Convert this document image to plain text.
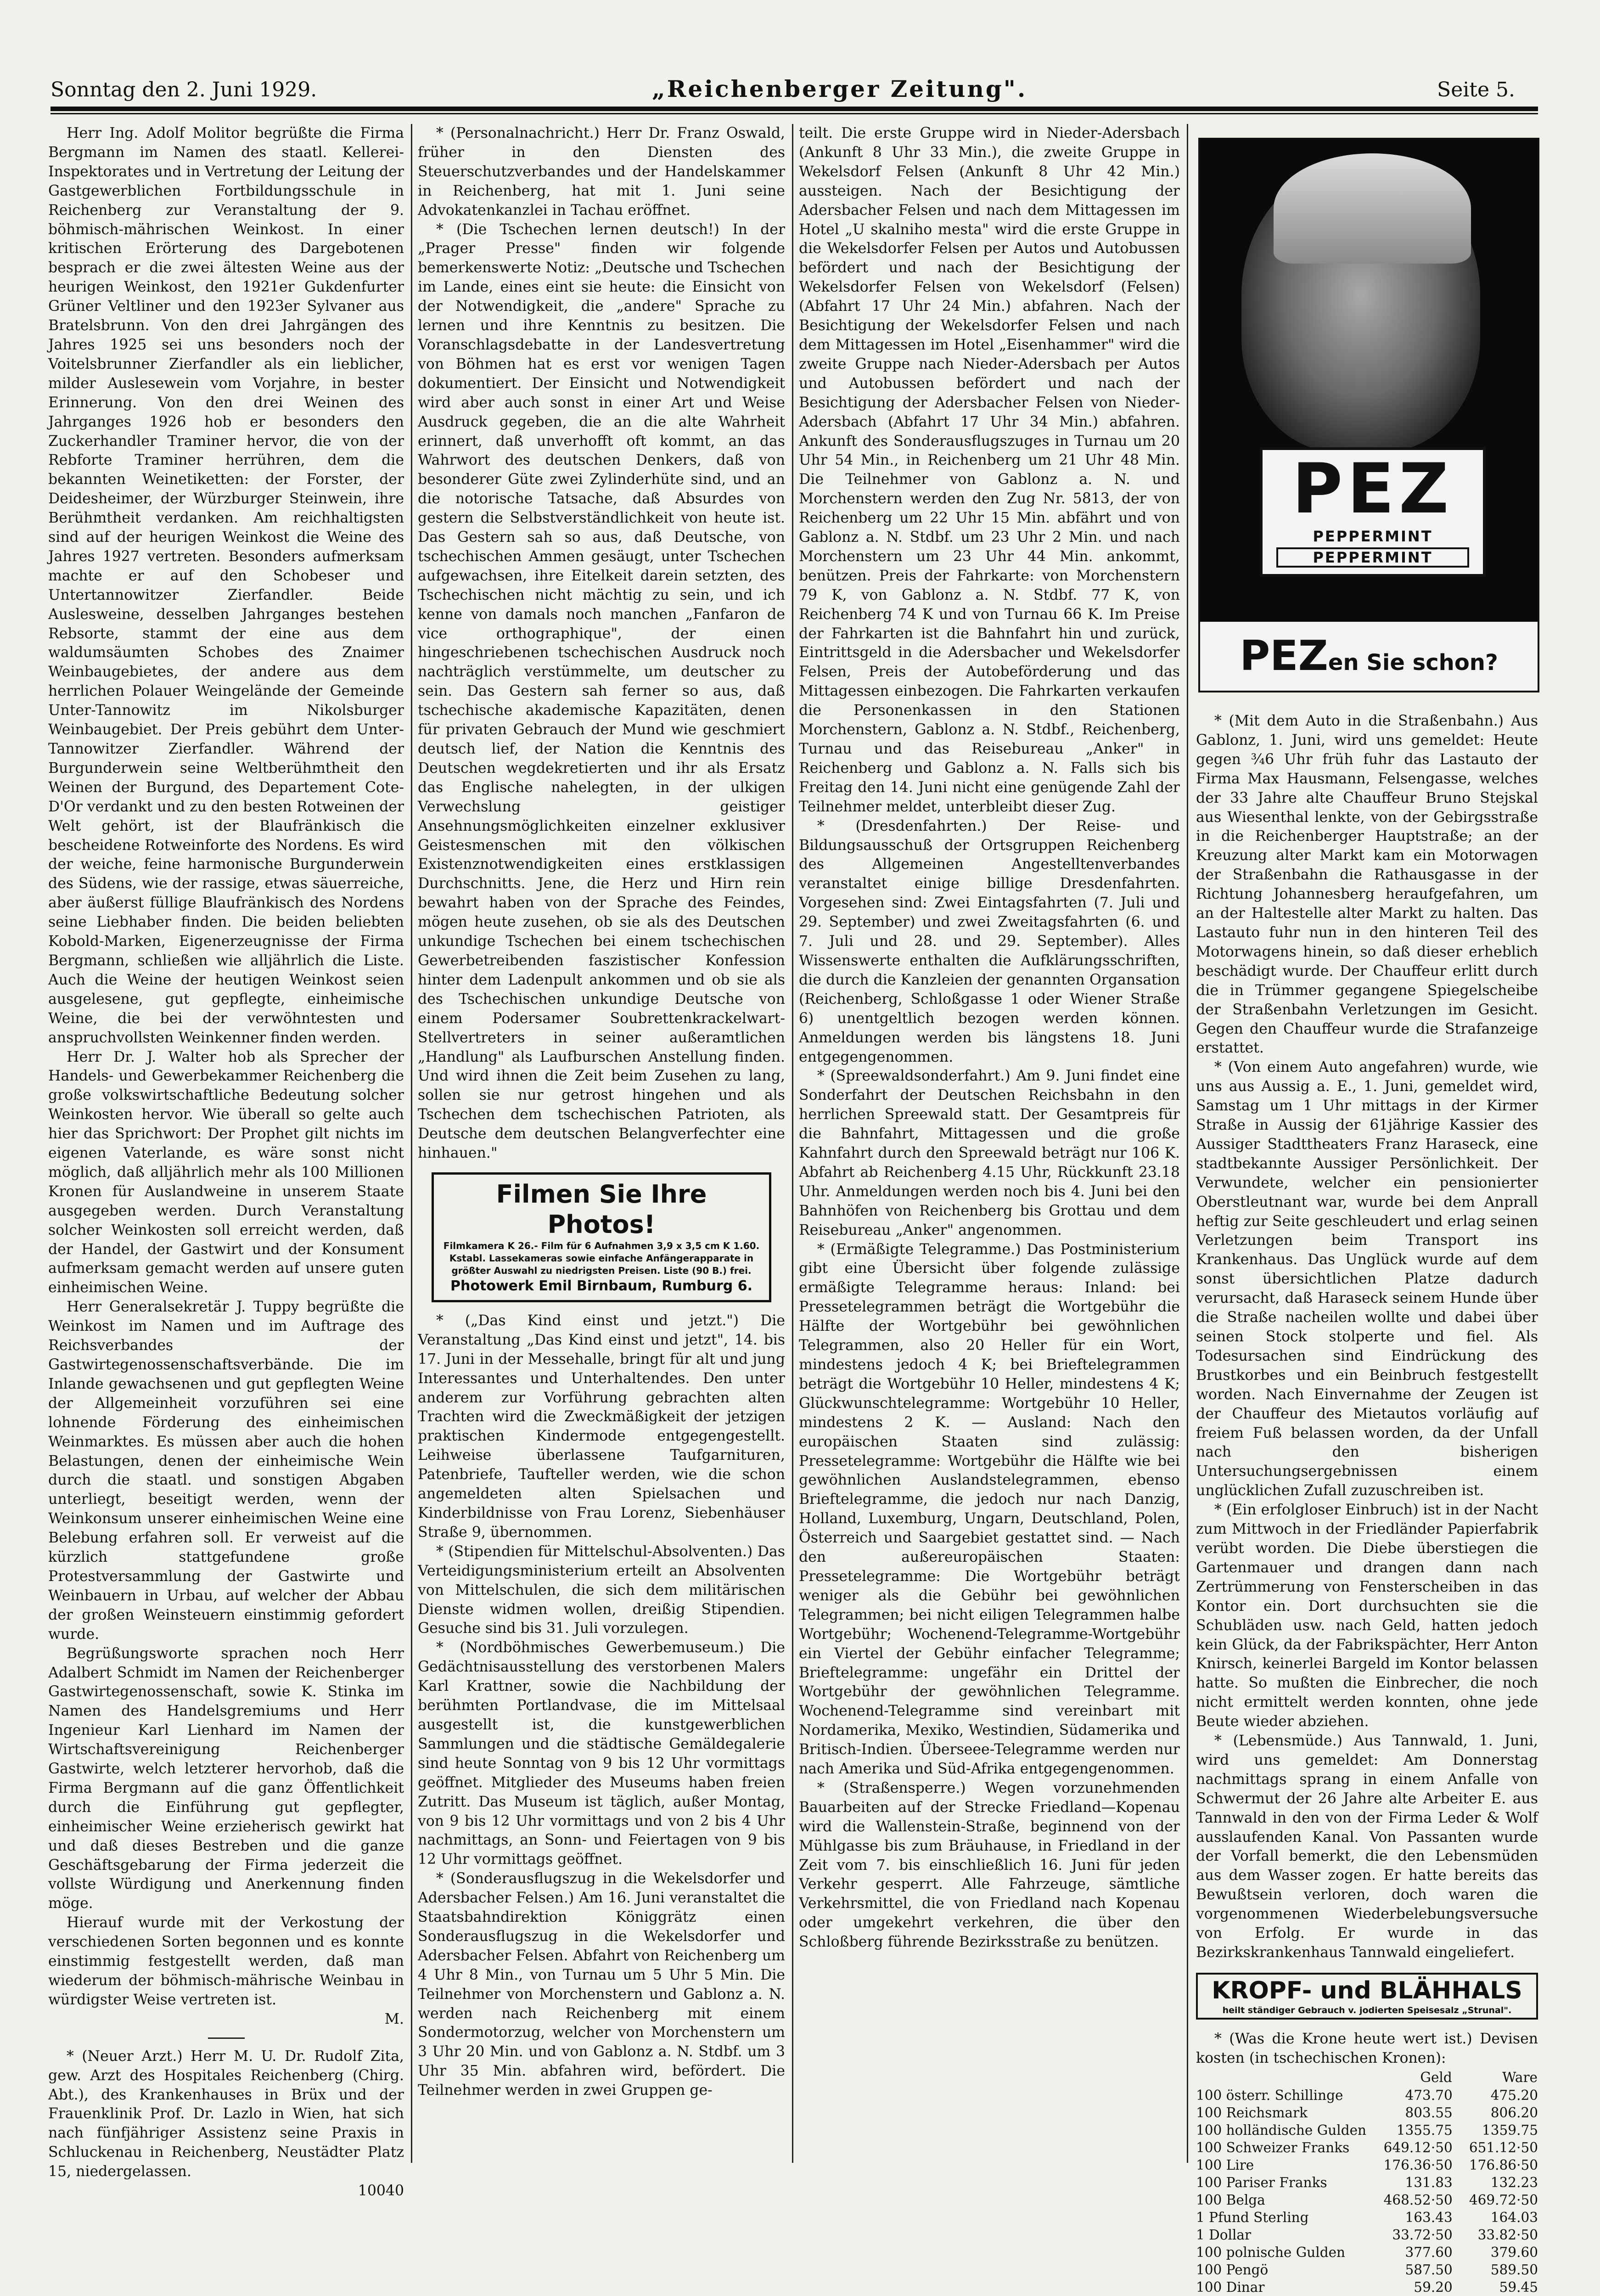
Sonntag den 2. Juni 1929.	„Reichenberger Zeitung".	Seite 5.

Herr Ing. Adolf Molitor begrüßte die Firma Bergmann im Namen des staatl. Kellerei-Inspektorates und in Vertretung der Leitung der Gastgewerblichen Fortbildungsschule in Reichenberg zur Veranstaltung der 9. böhmisch-mährischen Weinkost. In einer kritischen Erörterung des Dargebotenen besprach er die zwei ältesten Weine aus der heurigen Weinkost, den 1921er Gukdenfurter Grüner Veltliner und den 1923er Sylvaner aus Bratelsbrunn. Von den drei Jahrgängen des Jahres 1925 sei uns besonders noch der Voitelsbrunner Zierfandler als ein lieblicher, milder Auslesewein vom Vorjahre, in bester Erinnerung. Von den drei Weinen des Jahrganges 1926 hob er besonders den Zuckerhandler Traminer hervor, die von der Rebforte Traminer herrühren, dem die bekannten Weinetiketten: der Forster, der Deidesheimer, der Würzburger Steinwein, ihre Berühmtheit verdanken. Am reichhaltigsten sind auf der heurigen Weinkost die Weine des Jahres 1927 vertreten. Besonders aufmerksam machte er auf den Schobeser und Untertannowitzer Zierfandler. Beide Auslesweine, desselben Jahrganges bestehen Rebsorte, stammt der eine aus dem waldumsäumten Schobes des Znaimer Weinbaugebietes, der andere aus dem herrlichen Polauer Weingelände der Gemeinde Unter-Tannowitz im Nikolsburger Weinbaugebiet. Der Preis gebührt dem Unter-Tannowitzer Zierfandler. Während der Burgunderwein seine Weltberühmtheit den Weinen der Burgund, des Departement Cote-D'Or verdankt und zu den besten Rotweinen der Welt gehört, ist der Blaufränkisch die bescheidene Rotweinforte des Nordens. Es wird der weiche, feine harmonische Burgunderwein des Südens, wie der rassige, etwas säuerreiche, aber äußerst füllige Blaufränkisch des Nordens seine Liebhaber finden. Die beiden beliebten Kobold-Marken, Eigenerzeugnisse der Firma Bergmann, schließen wie alljährlich die Liste. Auch die Weine der heutigen Weinkost seien ausgelesene, gut gepflegte, einheimische Weine, die bei der verwöhntesten und anspruchvollsten Weinkenner finden werden.

Herr Dr. J. Walter hob als Sprecher der Handels- und Gewerbekammer Reichenberg die große volkswirtschaftliche Bedeutung solcher Weinkosten hervor. Wie überall so gelte auch hier das Sprichwort: Der Prophet gilt nichts im eigenen Vaterlande, es wäre sonst nicht möglich, daß alljährlich mehr als 100 Millionen Kronen für Auslandweine in unserem Staate ausgegeben werden. Durch Veranstaltung solcher Weinkosten soll erreicht werden, daß der Handel, der Gastwirt und der Konsument aufmerksam gemacht werden auf unsere guten einheimischen Weine.

Herr Generalsekretär J. Tuppy begrüßte die Weinkost im Namen und im Auftrage des Reichsverbandes der Gastwirtegenossenschaftsverbände. Die im Inlande gewachsenen und gut gepflegten Weine der Allgemeinheit vorzuführen sei eine lohnende Förderung des einheimischen Weinmarktes. Es müssen aber auch die hohen Belastungen, denen der einheimische Wein durch die staatl. und sonstigen Abgaben unterliegt, beseitigt werden, wenn der Weinkonsum unserer einheimischen Weine eine Belebung erfahren soll. Er verweist auf die kürzlich stattgefundene große Protestversammlung der Gastwirte und Weinbauern in Urbau, auf welcher der Abbau der großen Weinsteuern einstimmig gefordert wurde.

Begrüßungsworte sprachen noch Herr Adalbert Schmidt im Namen der Reichenberger Gastwirtegenossenschaft, sowie K. Stinka im Namen des Handelsgremiums und Herr Ingenieur Karl Lienhard im Namen der Wirtschaftsvereinigung Reichenberger Gastwirte, welch letzterer hervorhob, daß die Firma Bergmann auf die ganz Öffentlichkeit durch die Einführung gut gepflegter, einheimischer Weine erzieherisch gewirkt hat und daß dieses Bestreben und die ganze Geschäftsgebarung der Firma jederzeit die vollste Würdigung und Anerkennung finden möge.

Hierauf wurde mit der Verkostung der verschiedenen Sorten begonnen und es konnte einstimmig festgestellt werden, daß man wiederum der böhmisch-mährische Weinbau in würdigster Weise vertreten ist.

M.

* (Neuer Arzt.) Herr M. U. Dr. Rudolf Zita, gew. Arzt des Hospitales Reichenberg (Chirg. Abt.), des Krankenhauses in Brüx und der Frauenklinik Prof. Dr. Lazlo in Wien, hat sich nach fünfjähriger Assistenz seine Praxis in Schluckenau in Reichenberg, Neustädter Platz 15, niedergelassen.

10040

* (Personalnachricht.) Herr Dr. Franz Oswald, früher in den Diensten des Steuerschutzverbandes und der Handelskammer in Reichenberg, hat mit 1. Juni seine Advokatenkanzlei in Tachau eröffnet.

* (Die Tschechen lernen deutsch!) In der „Prager Presse" finden wir folgende bemerkenswerte Notiz: „Deutsche und Tschechen im Lande, eines eint sie heute: die Einsicht von der Notwendigkeit, die „andere" Sprache zu lernen und ihre Kenntnis zu besitzen. Die Voranschlagsdebatte in der Landesvertretung von Böhmen hat es erst vor wenigen Tagen dokumentiert. Der Einsicht und Notwendigkeit wird aber auch sonst in einer Art und Weise Ausdruck gegeben, die an die alte Wahrheit erinnert, daß unverhofft oft kommt, an das Wahrwort des deutschen Denkers, daß von besonderer Güte zwei Zylinderhüte sind, und an die notorische Tatsache, daß Absurdes von gestern die Selbstverständlichkeit von heute ist. Das Gestern sah so aus, daß Deutsche, von tschechischen Ammen gesäugt, unter Tschechen aufgewachsen, ihre Eitelkeit darein setzten, des Tschechischen nicht mächtig zu sein, und ich kenne von damals noch manchen „Fanfaron de vice orthographique", der einen hingeschriebenen tschechischen Ausdruck noch nachträglich verstümmelte, um deutscher zu sein. Das Gestern sah ferner so aus, daß tschechische akademische Kapazitäten, denen für privaten Gebrauch der Mund wie geschmiert deutsch lief, der Nation die Kenntnis des Deutschen wegdekretierten und ihr als Ersatz das Englische nahelegten, in der ulkigen Verwechslung geistiger Ansehnungsmöglichkeiten einzelner exklusiver Geistesmenschen mit den völkischen Existenznotwendigkeiten eines erstklassigen Durchschnitts. Jene, die Herz und Hirn rein bewahrt haben von der Sprache des Feindes, mögen heute zusehen, ob sie als des Deutschen unkundige Tschechen bei einem tschechischen Gewerbetreibenden faszistischer Konfession hinter dem Ladenpult ankommen und ob sie als des Tschechischen unkundige Deutsche von einem Podersamer Soubrettenkrackelwart-Stellvertreters in seiner außeramtlichen „Handlung" als Laufburschen Anstellung finden. Und wird ihnen die Zeit beim Zusehen zu lang, sollen sie nur getrost hingehen und als Tschechen dem tschechischen Patrioten, als Deutsche dem deutschen Belangverfechter eine hinhauen."

Filmen Sie Ihre Photos!
Filmkamera K 26.- Film für 6 Aufnahmen 3,9 x 3,5 cm K 1.60. Kstabl. Lassekameras sowie einfache Anfängerapparate in größter Auswahl zu niedrigsten Preisen. Liste (90 B.) frei.
Photowerk Emil Birnbaum, Rumburg 6.

* („Das Kind einst und jetzt.") Die Veranstaltung „Das Kind einst und jetzt", 14. bis 17. Juni in der Messehalle, bringt für alt und jung Interessantes und Unterhaltendes. Den unter anderem zur Vorführung gebrachten alten Trachten wird die Zweckmäßigkeit der jetzigen praktischen Kindermode entgegengestellt. Leihweise überlassene Taufgarnituren, Patenbriefe, Taufteller werden, wie die schon angemeldeten alten Spielsachen und Kinderbildnisse von Frau Lorenz, Siebenhäuser Straße 9, übernommen.

* (Stipendien für Mittelschul-Absolventen.) Das Verteidigungsministerium erteilt an Absolventen von Mittelschulen, die sich dem militärischen Dienste widmen wollen, dreißig Stipendien. Gesuche sind bis 31. Juli vorzulegen.

* (Nordböhmisches Gewerbemuseum.) Die Gedächtnisausstellung des verstorbenen Malers Karl Krattner, sowie die Nachbildung der berühmten Portlandvase, die im Mittelsaal ausgestellt ist, die kunstgewerblichen Sammlungen und die städtische Gemäldegalerie sind heute Sonntag von 9 bis 12 Uhr vormittags geöffnet. Mitglieder des Museums haben freien Zutritt. Das Museum ist täglich, außer Montag, von 9 bis 12 Uhr vormittags und von 2 bis 4 Uhr nachmittags, an Sonn- und Feiertagen von 9 bis 12 Uhr vormittags geöffnet.

* (Sonderausflugszug in die Wekelsdorfer und Adersbacher Felsen.) Am 16. Juni veranstaltet die Staatsbahndirektion Königgrätz einen Sonderausflugszug in die Wekelsdorfer und Adersbacher Felsen. Abfahrt von Reichenberg um 4 Uhr 8 Min., von Turnau um 5 Uhr 5 Min. Die Teilnehmer von Morchenstern und Gablonz a. N. werden nach Reichenberg mit einem Sondermotorzug, welcher von Morchenstern um 3 Uhr 20 Min. und von Gablonz a. N. Stdbf. um 3 Uhr 35 Min. abfahren wird, befördert. Die Teilnehmer werden in zwei Gruppen ge-

teilt. Die erste Gruppe wird in Nieder-Adersbach (Ankunft 8 Uhr 33 Min.), die zweite Gruppe in Wekelsdorf Felsen (Ankunft 8 Uhr 42 Min.) aussteigen. Nach der Besichtigung der Adersbacher Felsen und nach dem Mittagessen im Hotel „U skalniho mesta" wird die erste Gruppe in die Wekelsdorfer Felsen per Autos und Autobussen befördert und nach der Besichtigung der Wekelsdorfer Felsen von Wekelsdorf (Felsen) (Abfahrt 17 Uhr 24 Min.) abfahren. Nach der Besichtigung der Wekelsdorfer Felsen und nach dem Mittagessen im Hotel „Eisenhammer" wird die zweite Gruppe nach Nieder-Adersbach per Autos und Autobussen befördert und nach der Besichtigung der Adersbacher Felsen von Nieder-Adersbach (Abfahrt 17 Uhr 34 Min.) abfahren. Ankunft des Sonderausflugszuges in Turnau um 20 Uhr 54 Min., in Reichenberg um 21 Uhr 48 Min. Die Teilnehmer von Gablonz a. N. und Morchenstern werden den Zug Nr. 5813, der von Reichenberg um 22 Uhr 15 Min. abfährt und von Gablonz a. N. Stdbf. um 23 Uhr 2 Min. und nach Morchenstern um 23 Uhr 44 Min. ankommt, benützen. Preis der Fahrkarte: von Morchenstern 79 K, von Gablonz a. N. Stdbf. 77 K, von Reichenberg 74 K und von Turnau 66 K. Im Preise der Fahrkarten ist die Bahnfahrt hin und zurück, Eintrittsgeld in die Adersbacher und Wekelsdorfer Felsen, Preis der Autobeförderung und das Mittagessen einbezogen. Die Fahrkarten verkaufen die Personenkassen in den Stationen Morchenstern, Gablonz a. N. Stdbf., Reichenberg, Turnau und das Reisebureau „Anker" in Reichenberg und Gablonz a. N. Falls sich bis Freitag den 14. Juni nicht eine genügende Zahl der Teilnehmer meldet, unterbleibt dieser Zug.

* (Dresdenfahrten.) Der Reise- und Bildungsausschuß der Ortsgruppen Reichenberg des Allgemeinen Angestelltenverbandes veranstaltet einige billige Dresdenfahrten. Vorgesehen sind: Zwei Eintagsfahrten (7. Juli und 29. September) und zwei Zweitagsfahrten (6. und 7. Juli und 28. und 29. September). Alles Wissenswerte enthalten die Aufklärungsschriften, die durch die Kanzleien der genannten Organsation (Reichenberg, Schloßgasse 1 oder Wiener Straße 6) unentgeltlich bezogen werden können. Anmeldungen werden bis längstens 18. Juni entgegengenommen.

* (Spreewaldsonderfahrt.) Am 9. Juni findet eine Sonderfahrt der Deutschen Reichsbahn in den herrlichen Spreewald statt. Der Gesamtpreis für die Bahnfahrt, Mittagessen und die große Kahnfahrt durch den Spreewald beträgt nur 106 K. Abfahrt ab Reichenberg 4.15 Uhr, Rückkunft 23.18 Uhr. Anmeldungen werden noch bis 4. Juni bei den Bahnhöfen von Reichenberg bis Grottau und dem Reisebureau „Anker" angenommen.

* (Ermäßigte Telegramme.) Das Postministerium gibt eine Übersicht über folgende zulässige ermäßigte Telegramme heraus: Inland: bei Pressetelegrammen beträgt die Wortgebühr die Hälfte der Wortgebühr bei gewöhnlichen Telegrammen, also 20 Heller für ein Wort, mindestens jedoch 4 K; bei Brieftelegrammen beträgt die Wortgebühr 10 Heller, mindestens 4 K; Glückwunschtelegramme: Wortgebühr 10 Heller, mindestens 2 K. — Ausland: Nach den europäischen Staaten sind zulässig: Pressetelegramme: Wortgebühr die Hälfte wie bei gewöhnlichen Auslandstelegrammen, ebenso Brieftelegramme, die jedoch nur nach Danzig, Holland, Luxemburg, Ungarn, Deutschland, Polen, Österreich und Saargebiet gestattet sind. — Nach den außereuropäischen Staaten: Pressetelegramme: Die Wortgebühr beträgt weniger als die Gebühr bei gewöhnlichen Telegrammen; bei nicht eiligen Telegrammen halbe Wortgebühr; Wochenend-Telegramme-Wortgebühr ein Viertel der Gebühr einfacher Telegramme; Brieftelegramme: ungefähr ein Drittel der Wortgebühr der gewöhnlichen Telegramme. Wochenend-Telegramme sind vereinbart mit Nordamerika, Mexiko, Westindien, Südamerika und Britisch-Indien. Überseee-Telegramme werden nur nach Amerika und Süd-Afrika entgegengenommen.

* (Straßensperre.) Wegen vorzunehmenden Bauarbeiten auf der Strecke Friedland—Kopenau wird die Wallenstein-Straße, beginnend von der Mühlgasse bis zum Bräuhause, in Friedland in der Zeit vom 7. bis einschließlich 16. Juni für jeden Verkehr gesperrt. Alle Fahrzeuge, sämtliche Verkehrsmittel, die von Friedland nach Kopenau oder umgekehrt verkehren, die über den Schloßberg führende Bezirksstraße zu benützen.

PEZ
PEPPERMINT
PEPPERMINT
PEZen Sie schon?

* (Mit dem Auto in die Straßenbahn.) Aus Gablonz, 1. Juni, wird uns gemeldet: Heute gegen ¾6 Uhr früh fuhr das Lastauto der Firma Max Hausmann, Felsengasse, welches der 33 Jahre alte Chauffeur Bruno Stejskal aus Wiesenthal lenkte, von der Gebirgsstraße in die Reichenberger Hauptstraße; an der Kreuzung alter Markt kam ein Motorwagen der Straßenbahn die Rathausgasse in der Richtung Johannesberg heraufgefahren, um an der Haltestelle alter Markt zu halten. Das Lastauto fuhr nun in den hinteren Teil des Motorwagens hinein, so daß dieser erheblich beschädigt wurde. Der Chauffeur erlitt durch die in Trümmer gegangene Spiegelscheibe der Straßenbahn Verletzungen im Gesicht. Gegen den Chauffeur wurde die Strafanzeige erstattet.

* (Von einem Auto angefahren) wurde, wie uns aus Aussig a. E., 1. Juni, gemeldet wird, Samstag um 1 Uhr mittags in der Kirmer Straße in Aussig der 61jährige Kassier des Aussiger Stadttheaters Franz Haraseck, eine stadtbekannte Aussiger Persönlichkeit. Der Verwundete, welcher ein pensionierter Oberstleutnant war, wurde bei dem Anprall heftig zur Seite geschleudert und erlag seinen Verletzungen beim Transport ins Krankenhaus. Das Unglück wurde auf dem sonst übersichtlichen Platze dadurch verursacht, daß Haraseck seinem Hunde über die Straße nacheilen wollte und dabei über seinen Stock stolperte und fiel. Als Todesursachen sind Eindrückung des Brustkorbes und ein Beinbruch festgestellt worden. Nach Einvernahme der Zeugen ist der Chauffeur des Mietautos vorläufig auf freiem Fuß belassen worden, da der Unfall nach den bisherigen Untersuchungsergebnissen einem unglücklichen Zufall zuzuschreiben ist.

* (Ein erfolgloser Einbruch) ist in der Nacht zum Mittwoch in der Friedländer Papierfabrik verübt worden. Die Diebe überstiegen die Gartenmauer und drangen dann nach Zertrümmerung von Fensterscheiben in das Kontor ein. Dort durchsuchten sie die Schubläden usw. nach Geld, hatten jedoch kein Glück, da der Fabrikspächter, Herr Anton Knirsch, keinerlei Bargeld im Kontor belassen hatte. So mußten die Einbrecher, die noch nicht ermittelt werden konnten, ohne jede Beute wieder abziehen.

* (Lebensmüde.) Aus Tannwald, 1. Juni, wird uns gemeldet: Am Donnerstag nachmittags sprang in einem Anfalle von Schwermut der 26 Jahre alte Arbeiter E. aus Tannwald in den von der Firma Leder & Wolf ausslaufenden Kanal. Von Passanten wurde der Vorfall bemerkt, die den Lebensmüden aus dem Wasser zogen. Er hatte bereits das Bewußtsein verloren, doch waren die vorgenommenen Wiederbelebungsversuche von Erfolg. Er wurde in das Bezirkskrankenhaus Tannwald eingeliefert.

KROPF- und BLÄHHALS
heilt ständiger Gebrauch v. jodierten Speisesalz „Strunal".

* (Was die Krone heute wert ist.) Devisen kosten (in tschechischen Kronen):

	Geld	Ware
100 österr. Schillinge	473.70	475.20
100 Reichsmark	803.55	806.20
100 holländische Gulden	1355.75	1359.75
100 Schweizer Franks	649.12·50	651.12·50
100 Lire	176.36·50	176.86·50
100 Pariser Franks	131.83	132.23
100 Belga	468.52·50	469.72·50
1 Pfund Sterling	163.43	164.03
1 Dollar	33.72·50	33.82·50
100 polnische Gulden	377.60	379.60
100 Pengö	587.50	589.50
100 Dinar	59.20	59.45
